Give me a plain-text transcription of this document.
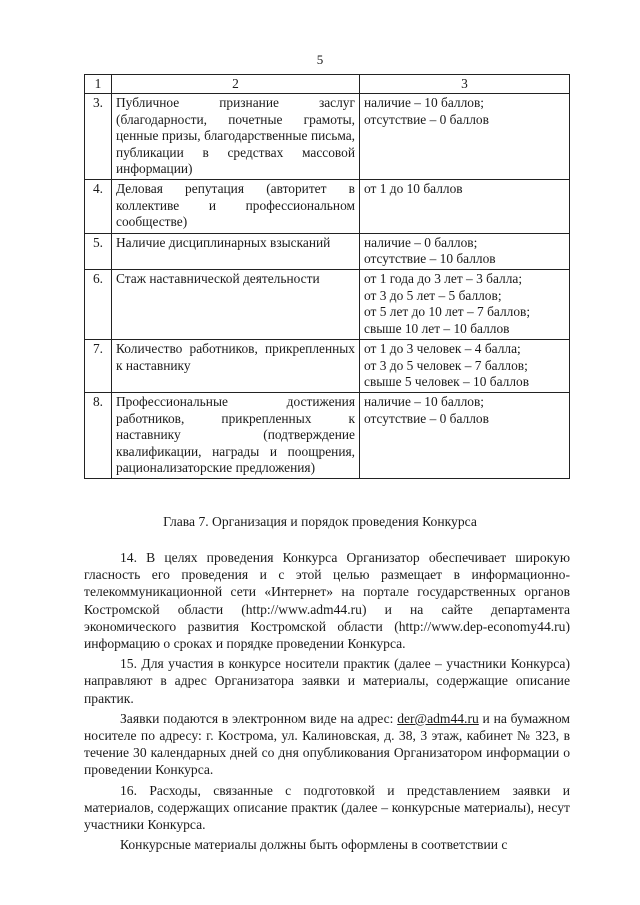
5
1	2	3
3.	Публичное признание заслуг (благодарности, почетные грамоты, ценные призы, благодарственные письма, публикации в средствах массовой информации)	наличие – 10 баллов;
отсутствие – 0 баллов

4.	Деловая репутация (авторитет в коллективе и профессиональном сообществе)	от 1 до 10 баллов

5.	Наличие дисциплинарных взысканий	наличие – 0 баллов;
отсутствие – 10 баллов

6.	Стаж наставнической деятельности	от 1 года до 3 лет – 3 балла;
от 3 до 5 лет – 5 баллов;
от 5 лет до 10 лет – 7 баллов;
свыше 10 лет – 10 баллов

7.	Количество работников, прикрепленных к наставнику	от 1 до 3 человек – 4 балла;
от 3 до 5 человек – 7 баллов;
свыше 5 человек – 10 баллов

8.	Профессиональные достижения работников, прикрепленных к наставнику (подтверждение квалификации, награды и поощрения, рационализаторские предложения)	наличие – 10 баллов;
отсутствие – 0 баллов
Глава 7. Организация и порядок проведения Конкурса

14. В целях проведения Конкурса Организатор обеспечивает широкую гласность его проведения и с этой целью размещает в информационно-телекоммуникационной сети «Интернет» на портале государственных органов Костромской области (http://www.adm44.ru) и на сайте департамента экономического развития Костромской области (http://www.dep-economy44.ru) информацию о сроках и порядке проведении Конкурса.

15. Для участия в конкурсе носители практик (далее – участники Конкурса) направляют в адрес Организатора заявки и материалы, содержащие описание практик.

Заявки подаются в электронном виде на адрес: der@adm44.ru и на бумажном носителе по адресу: г. Кострома, ул. Калиновская, д. 38, 3 этаж, кабинет № 323, в течение 30 календарных дней со дня опубликования Организатором информации о проведении Конкурса.

16. Расходы, связанные с подготовкой и представлением заявки и материалов, содержащих описание практик (далее – конкурсные материалы), несут участники Конкурса.

Конкурсные материалы должны быть оформлены в соответствии с
